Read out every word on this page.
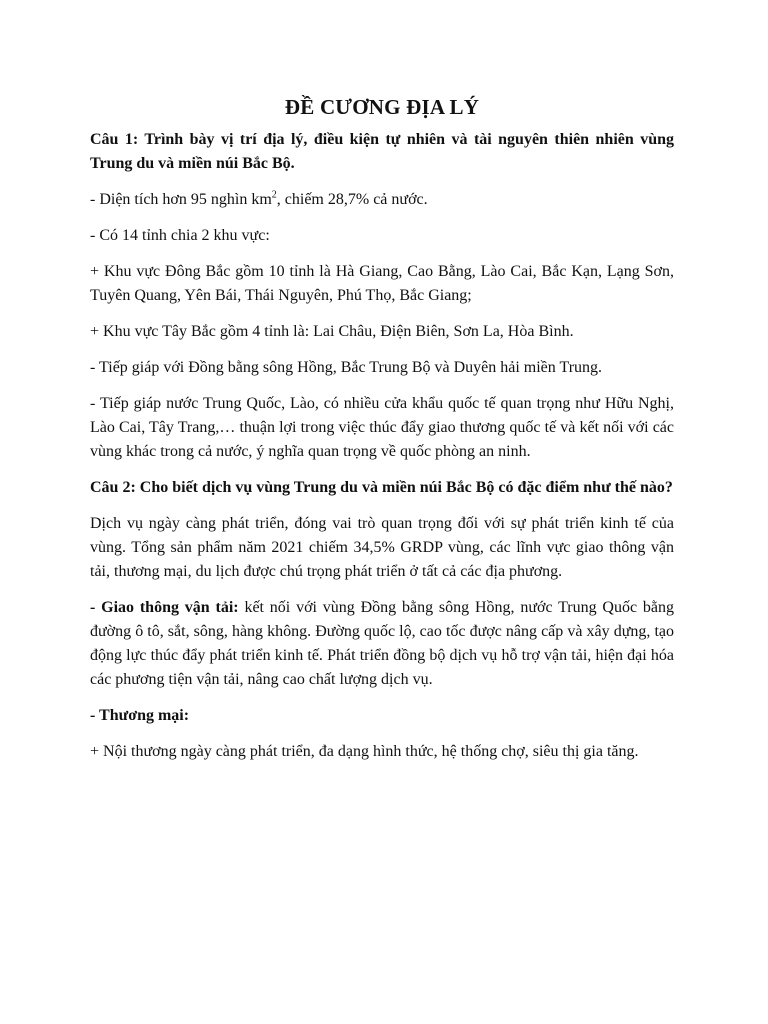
ĐỀ CƯƠNG ĐỊA LÝ

Câu 1: Trình bày vị trí địa lý, điều kiện tự nhiên và tài nguyên thiên nhiên vùng Trung du và miền núi Bắc Bộ.

- Diện tích hơn 95 nghìn $km^2$, chiếm 28,7% cả nước.

- Có 14 tỉnh chia 2 khu vực:

+ Khu vực Đông Bắc gồm 10 tỉnh là Hà Giang, Cao Bằng, Lào Cai, Bắc Kạn, Lạng Sơn, Tuyên Quang, Yên Bái, Thái Nguyên, Phú Thọ, Bắc Giang;

+ Khu vực Tây Bắc gồm 4 tỉnh là: Lai Châu, Điện Biên, Sơn La, Hòa Bình.

- Tiếp giáp với Đồng bằng sông Hồng, Bắc Trung Bộ và Duyên hải miền Trung.

- Tiếp giáp nước Trung Quốc, Lào, có nhiều cửa khẩu quốc tế quan trọng như Hữu Nghị, Lào Cai, Tây Trang,… thuận lợi trong việc thúc đẩy giao thương quốc tế và kết nối với các vùng khác trong cả nước, ý nghĩa quan trọng về quốc phòng an ninh.

Câu 2: Cho biết dịch vụ vùng Trung du và miền núi Bắc Bộ có đặc điểm như thế nào?

Dịch vụ ngày càng phát triển, đóng vai trò quan trọng đối với sự phát triển kinh tế của vùng. Tổng sản phẩm năm 2021 chiếm 34,5% GRDP vùng, các lĩnh vực giao thông vận tải, thương mại, du lịch được chú trọng phát triển ở tất cả các địa phương.

- Giao thông vận tải: kết nối với vùng Đồng bằng sông Hồng, nước Trung Quốc bằng đường ô tô, sắt, sông, hàng không. Đường quốc lộ, cao tốc được nâng cấp và xây dựng, tạo động lực thúc đẩy phát triển kinh tế. Phát triển đồng bộ dịch vụ hỗ trợ vận tải, hiện đại hóa các phương tiện vận tải, nâng cao chất lượng dịch vụ.

- Thương mại:

+ Nội thương ngày càng phát triển, đa dạng hình thức, hệ thống chợ, siêu thị gia tăng.
